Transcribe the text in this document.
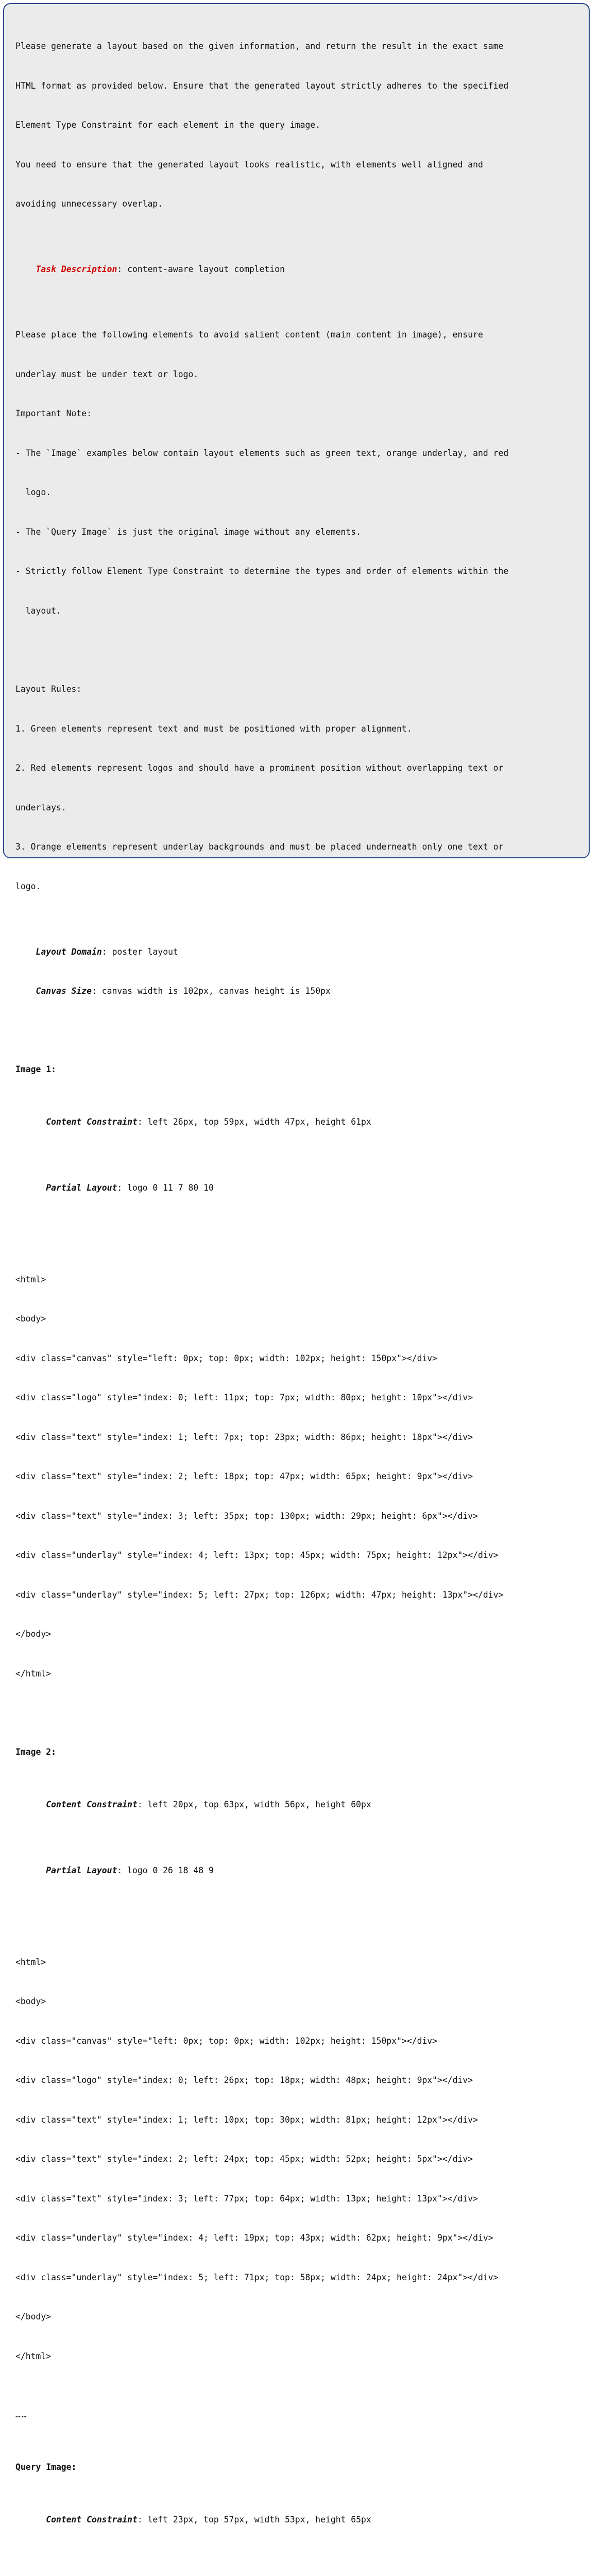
Please generate a layout based on the given information, and return the result in the exact same

HTML format as provided below. Ensure that the generated layout strictly adheres to the specified

Element Type Constraint for each element in the query image.

You need to ensure that the generated layout looks realistic, with elements well aligned and

avoiding unnecessary overlap.

Task Description: content-aware layout completion

Please place the following elements to avoid salient content (main content in image), ensure

underlay must be under text or logo.

Important Note:

- The `Image` examples below contain layout elements such as green text, orange underlay, and red

logo.

- The `Query Image` is just the original image without any elements.

- Strictly follow Element Type Constraint to determine the types and order of elements within the

layout.

Layout Rules:

1. Green elements represent text and must be positioned with proper alignment.

2. Red elements represent logos and should have a prominent position without overlapping text or

underlays.

3. Orange elements represent underlay backgrounds and must be placed underneath only one text or

logo.

Layout Domain: poster layout

Canvas Size: canvas width is 102px, canvas height is 150px

Image 1:

Content Constraint: left 26px, top 59px, width 47px, height 61px

Partial Layout: logo 0 11 7 80 10

<html>

<body>

<div class="canvas" style="left: 0px; top: 0px; width: 102px; height: 150px"></div>

<div class="logo" style="index: 0; left: 11px; top: 7px; width: 80px; height: 10px"></div>

<div class="text" style="index: 1; left: 7px; top: 23px; width: 86px; height: 18px"></div>

<div class="text" style="index: 2; left: 18px; top: 47px; width: 65px; height: 9px"></div>

<div class="text" style="index: 3; left: 35px; top: 130px; width: 29px; height: 6px"></div>

<div class="underlay" style="index: 4; left: 13px; top: 45px; width: 75px; height: 12px"></div>

<div class="underlay" style="index: 5; left: 27px; top: 126px; width: 47px; height: 13px"></div>

</body>

</html>

Image 2:

Content Constraint: left 20px, top 63px, width 56px, height 60px

Partial Layout: logo 0 26 18 48 9

<html>

<body>

<div class="canvas" style="left: 0px; top: 0px; width: 102px; height: 150px"></div>

<div class="logo" style="index: 0; left: 26px; top: 18px; width: 48px; height: 9px"></div>

<div class="text" style="index: 1; left: 10px; top: 30px; width: 81px; height: 12px"></div>

<div class="text" style="index: 2; left: 24px; top: 45px; width: 52px; height: 5px"></div>

<div class="text" style="index: 3; left: 77px; top: 64px; width: 13px; height: 13px"></div>

<div class="underlay" style="index: 4; left: 19px; top: 43px; width: 62px; height: 9px"></div>

<div class="underlay" style="index: 5; left: 71px; top: 58px; width: 24px; height: 24px"></div>

</body>

</html>

……

Query Image:

Content Constraint: left 23px, top 57px, width 53px, height 65px
